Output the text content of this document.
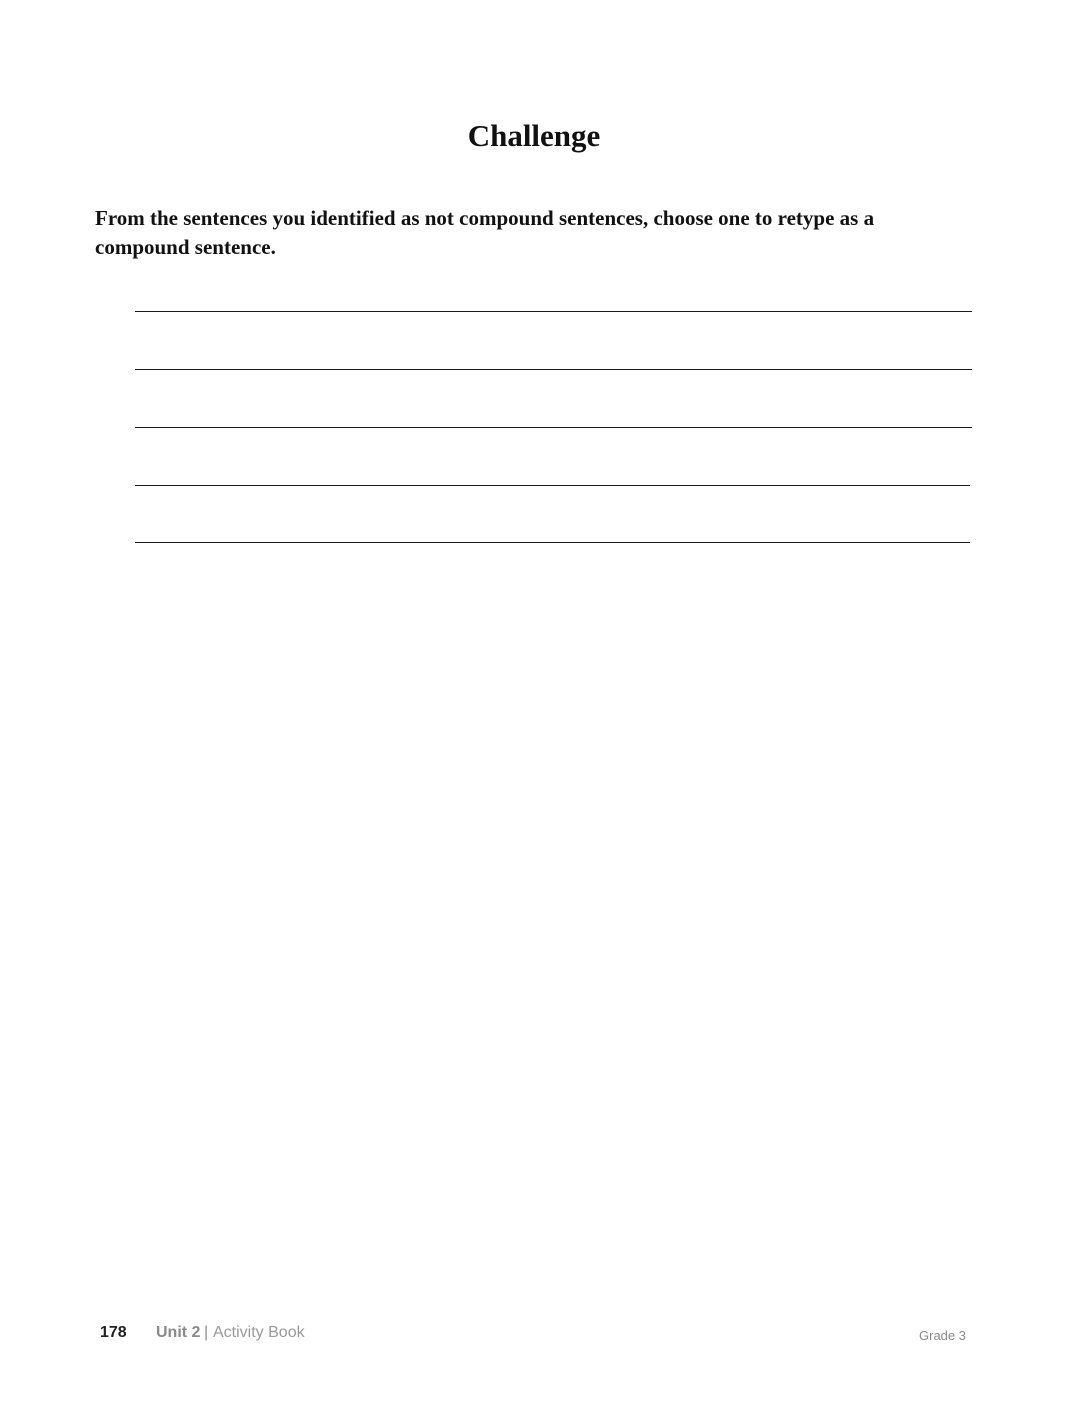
Challenge

From the sentences you identified as not compound sentences, choose one to retype as a compound sentence.

178 Unit 2 | Activity Book	Grade 3
